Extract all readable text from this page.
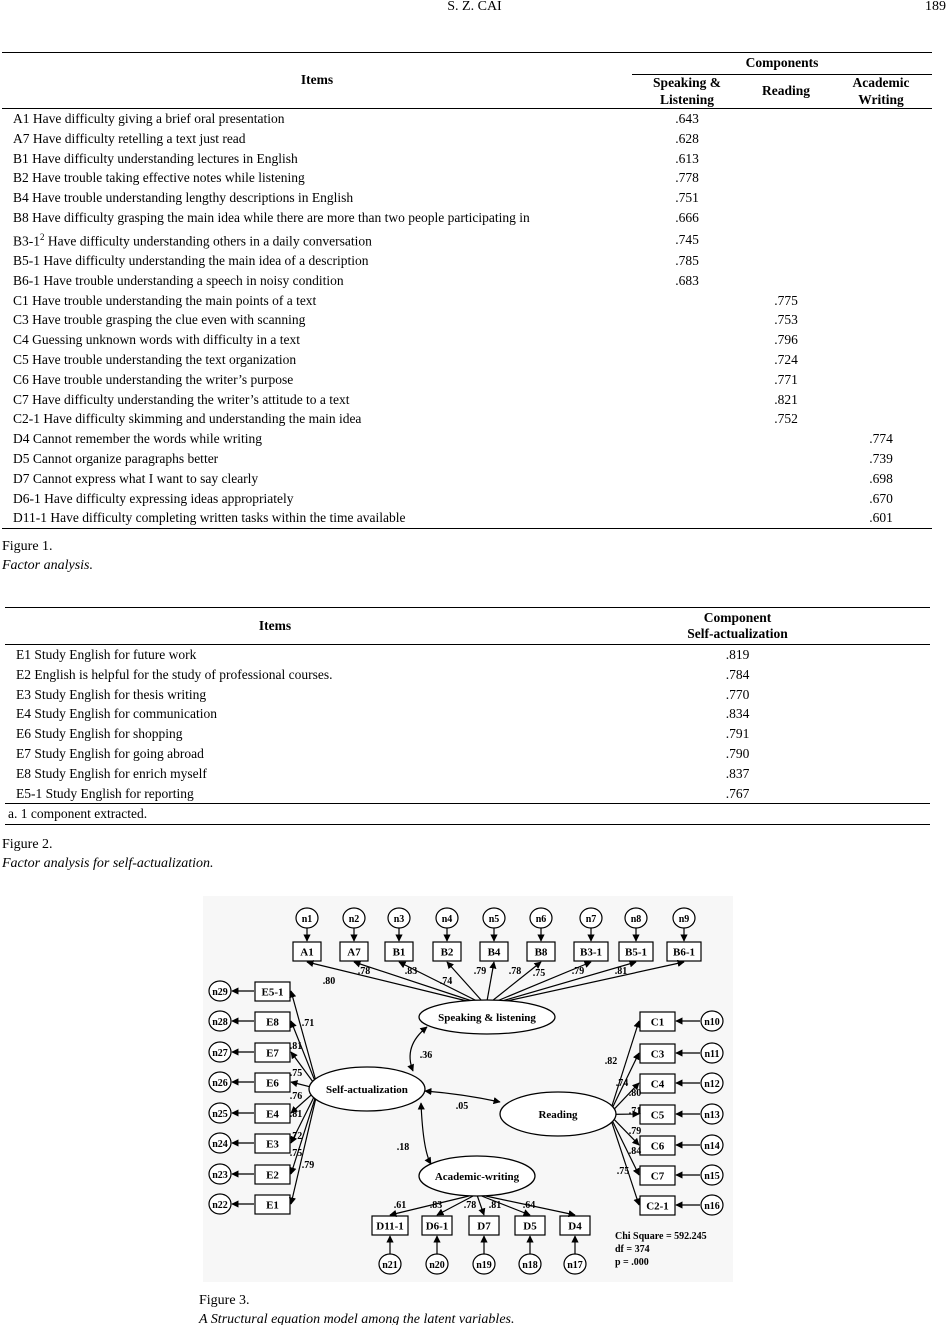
S. Z. CAI	189
Items	Components		
	Speaking &
Listening	Reading	Academic
Writing
A1 Have difficulty giving a brief oral presentation	.643		
A7 Have difficulty retelling a text just read	.628		
B1 Have difficulty understanding lectures in English	.613		
B2 Have trouble taking effective notes while listening	.778		
B4 Have trouble understanding lengthy descriptions in English	.751		
B8 Have difficulty grasping the main idea while there are more than two people participating in	.666		
$B3-1^2$ Have difficulty understanding others in a daily conversation	.745		
B5-1 Have difficulty understanding the main idea of a description	.785		
B6-1 Have trouble understanding a speech in noisy condition	.683		
C1 Have trouble understanding the main points of a text		.775	
C3 Have trouble grasping the clue even with scanning		.753	
C4 Guessing unknown words with difficulty in a text		.796	
C5 Have trouble understanding the text organization		.724	
C6 Have trouble understanding the writer’s purpose		.771	
C7 Have difficulty understanding the writer’s attitude to a text		.821	
C2-1 Have difficulty skimming and understanding the main idea		.752	
D4 Cannot remember the words while writing			.774
D5 Cannot organize paragraphs better			.739
D7 Cannot express what I want to say clearly			.698
D6-1 Have difficulty expressing ideas appropriately			.670
D11-1 Have difficulty completing written tasks within the time available			.601
Figure 1.
Factor analysis.
Items	Component
Self-actualization
E1 Study English for future work	.819
E2 English is helpful for the study of professional courses.	.784
E3 Study English for thesis writing	.770
E4 Study English for communication	.834
E6 Study English for shopping	.791
E7 Study English for going abroad	.790
E8 Study English for enrich myself	.837
E5-1 Study English for reporting	.767
a. 1 component extracted.	
Figure 2.
Factor analysis for self-actualization.
n1
A1
n2
A7
n3
B1
n4
B2
n5
B4
n6
B8
n7
B3-1
n8
B5-1
n9
B6-1
.80
.78	.83
.74
.79 .78 .75	.79	.81
n29	E5-1
n28	E8
n27	E7
n26	E6
n25	E4
n24	E3
n23	E2
n22	E1
.71
.81
.75
.76
.81
.72
.75
.79
C1	n10
C3	n11
C4	n12
C5	n13
C6	n14
C7	n15
C2-1	n16
.82
.74
.80
.71
.79
.84
.75
D11-1
n21
D6-1
n20
D7
n19
D5
n18
D4
n17
.61 .83 .78 .81 .64
Speaking & listening
Self-actualization
Reading
Academic-writing
.36
.05
.18
Chi Square = 592.245
df = 374
p = .000
Figure 3.
A Structural equation model among the latent variables.
